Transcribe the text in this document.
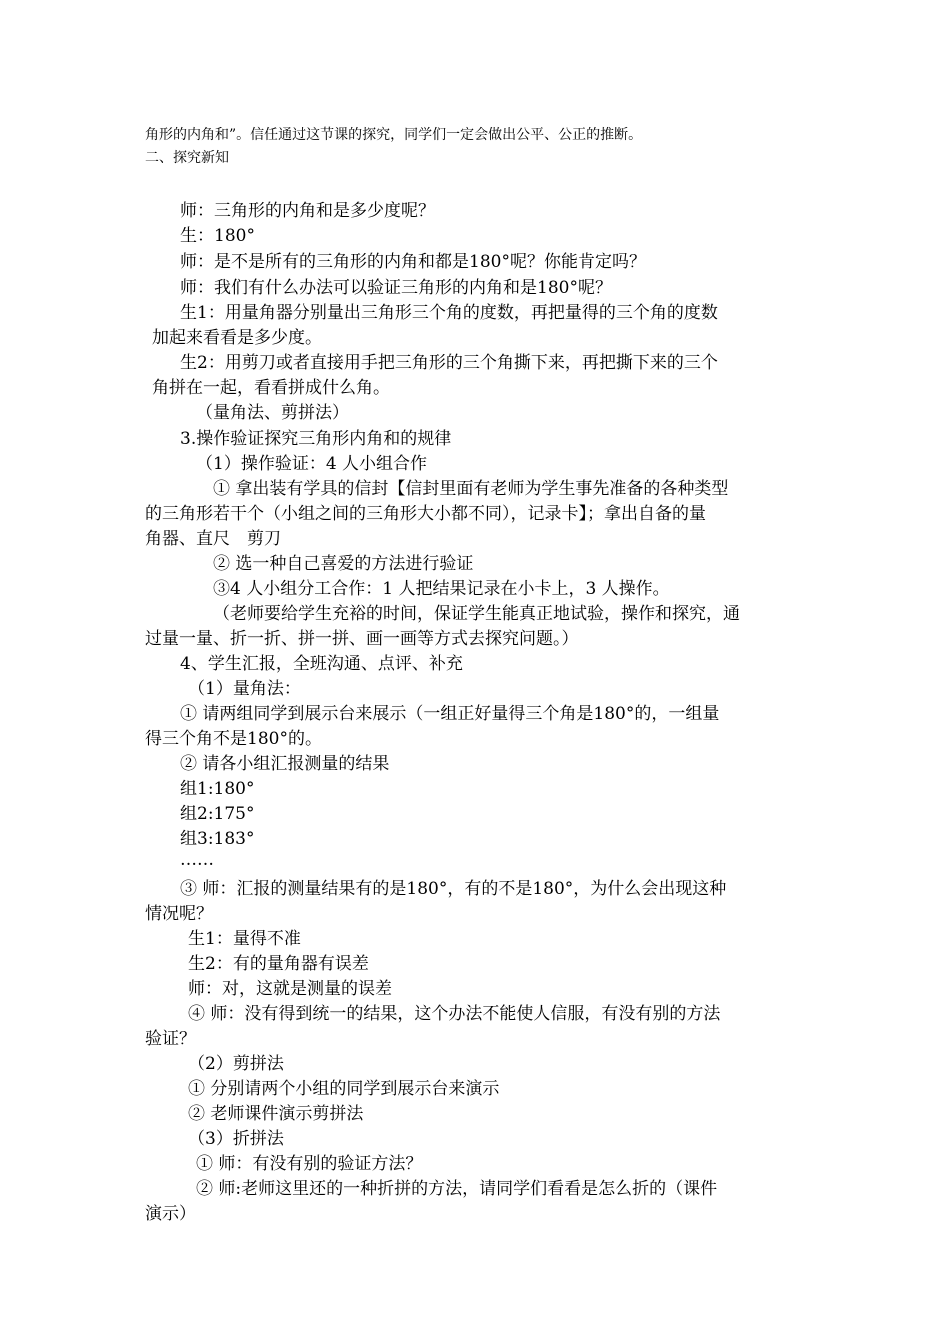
角形的内角和”。信任通过这节课的探究，同学们一定会做出公平、公正的推断。
二、探究新知
师：三角形的内角和是多少度呢？
生：180°
师：是不是所有的三角形的内角和都是180°呢？你能肯定吗？
师：我们有什么办法可以验证三角形的内角和是180°呢？
生1：用量角器分别量出三角形三个角的度数，再把量得的三个角的度数
加起来看看是多少度。
生2：用剪刀或者直接用手把三角形的三个角撕下来，再把撕下来的三个
角拼在一起，看看拼成什么角。
（量角法、剪拼法）
3.操作验证探究三角形内角和的规律
（1）操作验证：4 人小组合作
① 拿出装有学具的信封【信封里面有老师为学生事先准备的各种类型
的三角形若干个（小组之间的三角形大小都不同），记录卡】；拿出自备的量
角器、直尺　剪刀
② 选一种自己喜爱的方法进行验证
③4 人小组分工合作：1 人把结果记录在小卡上，3 人操作。
（老师要给学生充裕的时间，保证学生能真正地试验，操作和探究，通
过量一量、折一折、拼一拼、画一画等方式去探究问题。）
4、学生汇报，全班沟通、点评、补充
（1）量角法：
① 请两组同学到展示台来展示（一组正好量得三个角是180°的，一组量
得三个角不是180°的。
② 请各小组汇报测量的结果
组1:180°
组2:175°
组3:183°
……
③ 师：汇报的测量结果有的是180°，有的不是180°，为什么会出现这种
情况呢？
生1：量得不准
生2：有的量角器有误差
师：对，这就是测量的误差
④ 师：没有得到统一的结果，这个办法不能使人信服，有没有别的方法
验证？
（2）剪拼法
① 分别请两个小组的同学到展示台来演示
② 老师课件演示剪拼法
（3）折拼法
① 师：有没有别的验证方法？
② 师:老师这里还的一种折拼的方法，请同学们看看是怎么折的（课件
演示）
